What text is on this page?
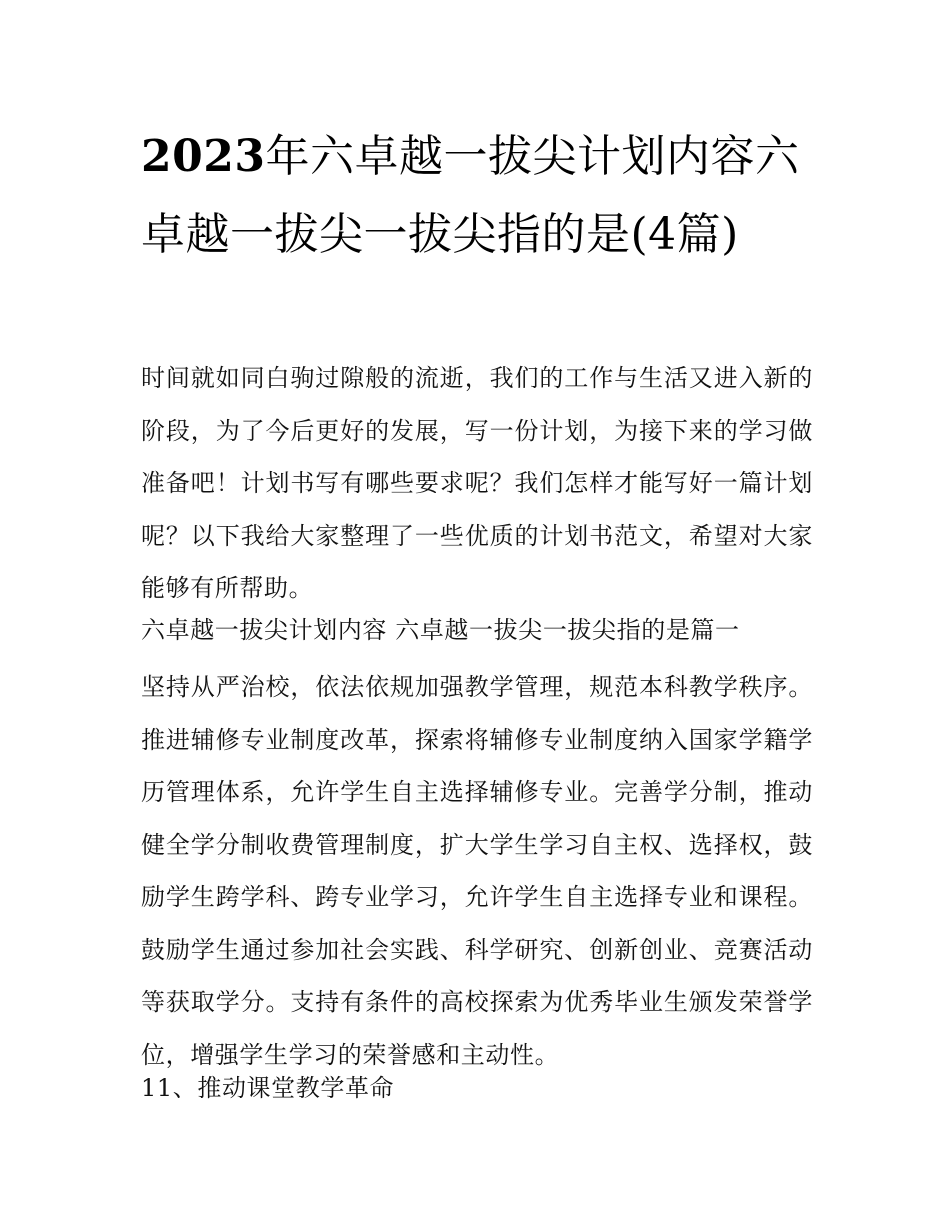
2023年六卓越一拔尖计划内容六卓越一拔尖一拔尖指的是(4篇)

时间就如同白驹过隙般的流逝，我们的工作与生活又进入新的阶段，为了今后更好的发展，写一份计划，为接下来的学习做准备吧！计划书写有哪些要求呢？我们怎样才能写好一篇计划呢？以下我给大家整理了一些优质的计划书范文，希望对大家能够有所帮助。

六卓越一拔尖计划内容 六卓越一拔尖一拔尖指的是篇一

坚持从严治校，依法依规加强教学管理，规范本科教学秩序。推进辅修专业制度改革，探索将辅修专业制度纳入国家学籍学历管理体系，允许学生自主选择辅修专业。完善学分制，推动健全学分制收费管理制度，扩大学生学习自主权、选择权，鼓励学生跨学科、跨专业学习，允许学生自主选择专业和课程。鼓励学生通过参加社会实践、科学研究、创新创业、竞赛活动等获取学分。支持有条件的高校探索为优秀毕业生颁发荣誉学位，增强学生学习的荣誉感和主动性。

11、推动课堂教学革命
